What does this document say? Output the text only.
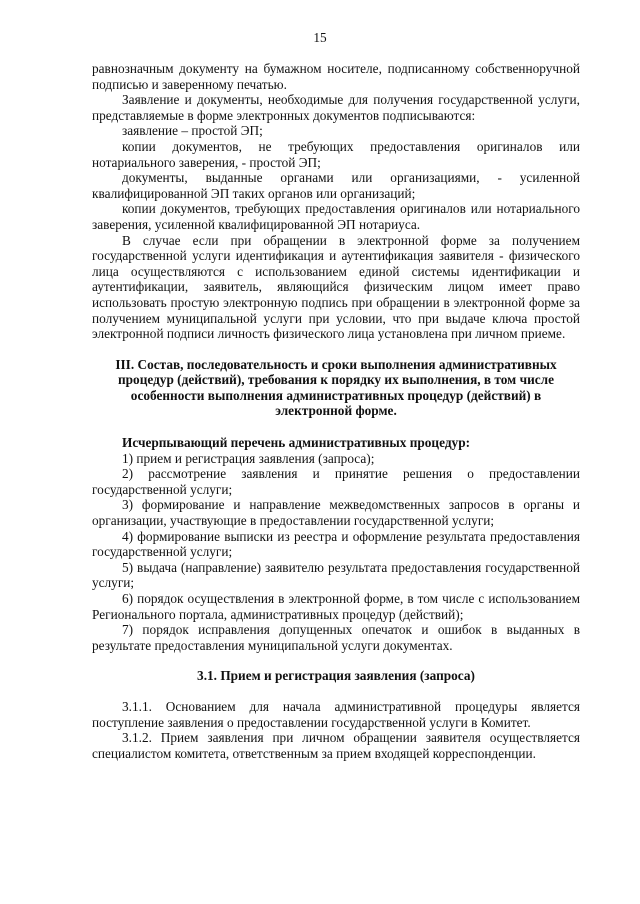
15

равнозначным документу на бумажном носителе, подписанному собственноручной подписью и заверенному печатью.

Заявление и документы, необходимые для получения государственной услуги, представляемые в форме электронных документов подписываются:

заявление – простой ЭП;

копии документов, не требующих предоставления оригиналов или нотариального заверения, - простой ЭП;

документы, выданные органами или организациями, - усиленной квалифицированной ЭП таких органов или организаций;

копии документов, требующих предоставления оригиналов или нотариального заверения, усиленной квалифицированной ЭП нотариуса.

В случае если при обращении в электронной форме за получением государственной услуги идентификация и аутентификация заявителя - физического лица осуществляются с использованием единой системы идентификации и аутентификации, заявитель, являющийся физическим лицом имеет право использовать простую электронную подпись при обращении в электронной форме за получением муниципальной услуги при условии, что при выдаче ключа простой электронной подписи личность физического лица установлена при личном приеме.

III. Состав, последовательность и сроки выполнения административных процедур (действий), требования к порядку их выполнения, в том числе особенности выполнения административных процедур (действий) в электронной форме.

Исчерпывающий перечень административных процедур:

1) прием и регистрация заявления (запроса);

2) рассмотрение заявления и принятие решения о предоставлении государственной услуги;

3) формирование и направление межведомственных запросов в органы и организации, участвующие в предоставлении государственной услуги;

4) формирование выписки из реестра и оформление результата предоставления государственной услуги;

5) выдача (направление) заявителю результата предоставления государственной услуги;

6) порядок осуществления в электронной форме, в том числе с использованием Регионального портала, административных процедур (действий);

7) порядок исправления допущенных опечаток и ошибок в выданных в результате предоставления муниципальной услуги документах.

3.1. Прием и регистрация заявления (запроса)

3.1.1. Основанием для начала административной процедуры является поступление заявления о предоставлении государственной услуги в Комитет.

3.1.2. Прием заявления при личном обращении заявителя осуществляется специалистом комитета, ответственным за прием входящей корреспонденции.
